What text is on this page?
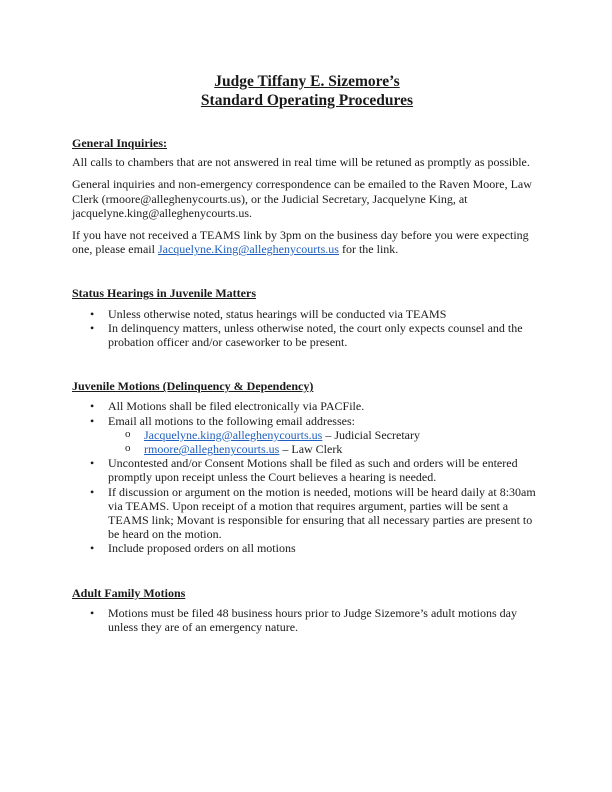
Judge Tiffany E. Sizemore’s

Standard Operating Procedures

General Inquiries:

All calls to chambers that are not answered in real time will be retuned as promptly as possible.

General inquiries and non-emergency correspondence can be emailed to the Raven Moore, Law Clerk (rmoore@alleghenycourts.us), or the Judicial Secretary, Jacquelyne King, at jacquelyne.king@alleghenycourts.us.

If you have not received a TEAMS link by 3pm on the business day before you were expecting one, please email Jacquelyne.King@alleghenycourts.us for the link.

Status Hearings in Juvenile Matters

• Unless otherwise noted, status hearings will be conducted via TEAMS
• In delinquency matters, unless otherwise noted, the court only expects counsel and the probation officer and/or caseworker to be present.

Juvenile Motions (Delinquency & Dependency)

• All Motions shall be filed electronically via PACFile.
• Email all motions to the following email addresses:
o Jacquelyne.king@alleghenycourts.us – Judicial Secretary
o rmoore@alleghenycourts.us – Law Clerk
• Uncontested and/or Consent Motions shall be filed as such and orders will be entered promptly upon receipt unless the Court believes a hearing is needed.
• If discussion or argument on the motion is needed, motions will be heard daily at 8:30am via TEAMS. Upon receipt of a motion that requires argument, parties will be sent a TEAMS link; Movant is responsible for ensuring that all necessary parties are present to be heard on the motion.
• Include proposed orders on all motions

Adult Family Motions

• Motions must be filed 48 business hours prior to Judge Sizemore’s adult motions day unless they are of an emergency nature.
